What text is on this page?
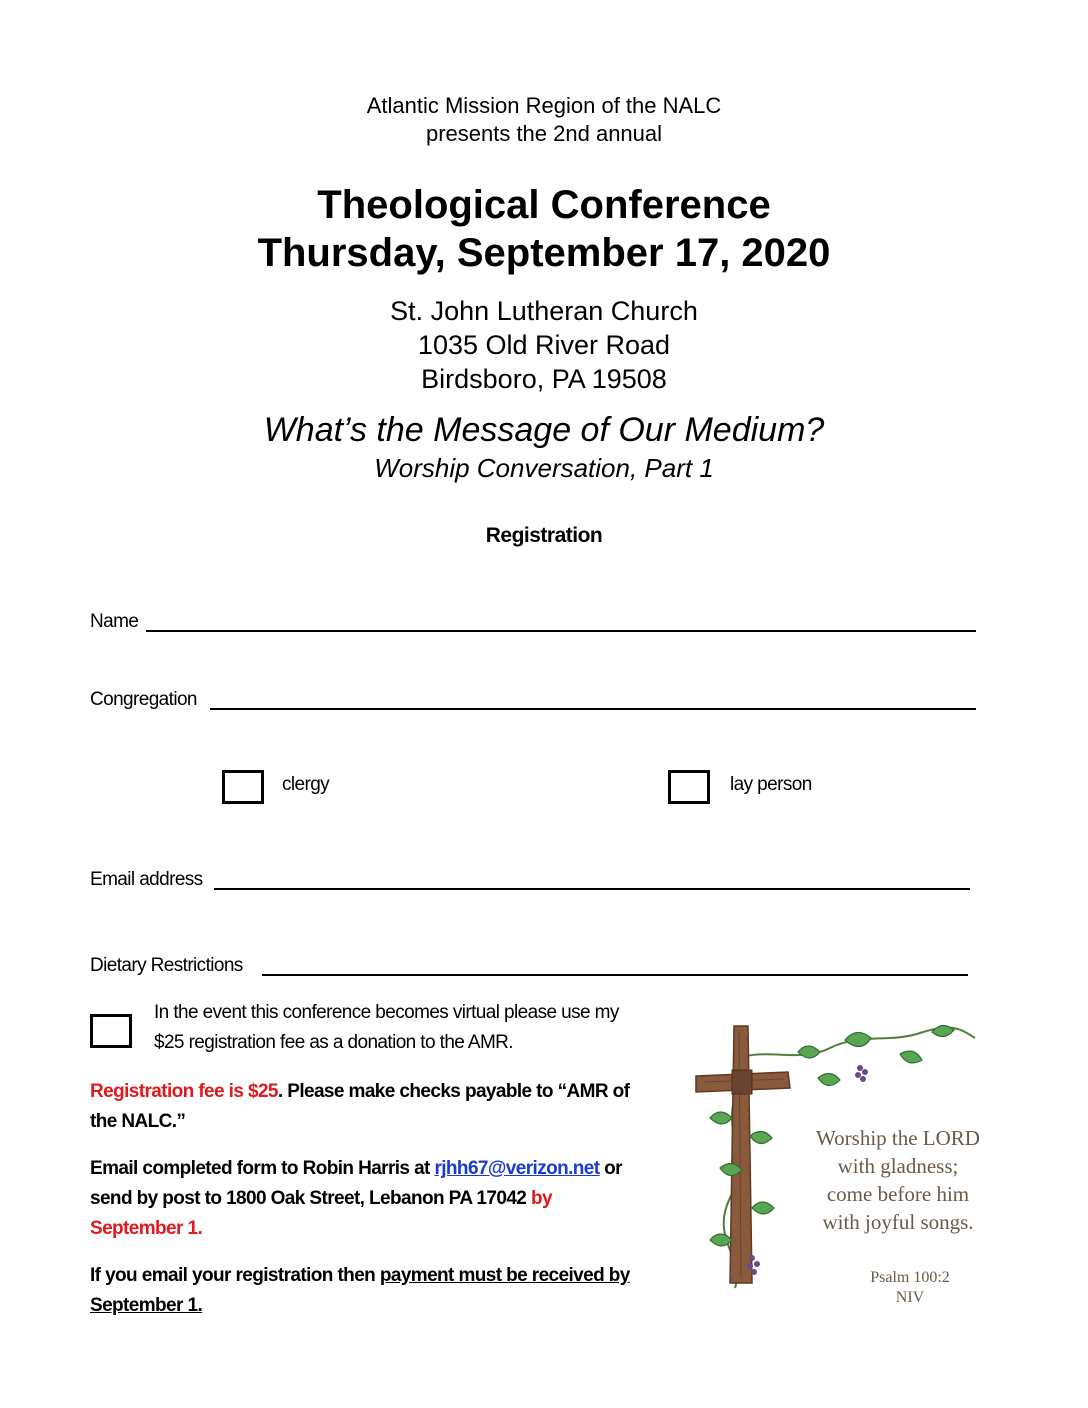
Atlantic Mission Region of the NALC
presents the 2nd annual
Theological Conference
Thursday, September 17, 2020
St. John Lutheran Church
1035 Old River Road
Birdsboro, PA 19508
What’s the Message of Our Medium?
Worship Conversation, Part 1
Registration
Name
Congregation
clergy	lay person
Email address
Dietary Restrictions
In the event this conference becomes virtual please use my
$25 registration fee as a donation to the AMR.
Registration fee is $25. Please make checks payable to “AMR of
the NALC.”
Email completed form to Robin Harris at rjhh67@verizon.net or
send by post to 1800 Oak Street, Lebanon PA 17042 by
September 1.
If you email your registration then payment must be received by
September 1.
Worship the LORD
with gladness;
come before him
with joyful songs.
Psalm 100:2
NIV
